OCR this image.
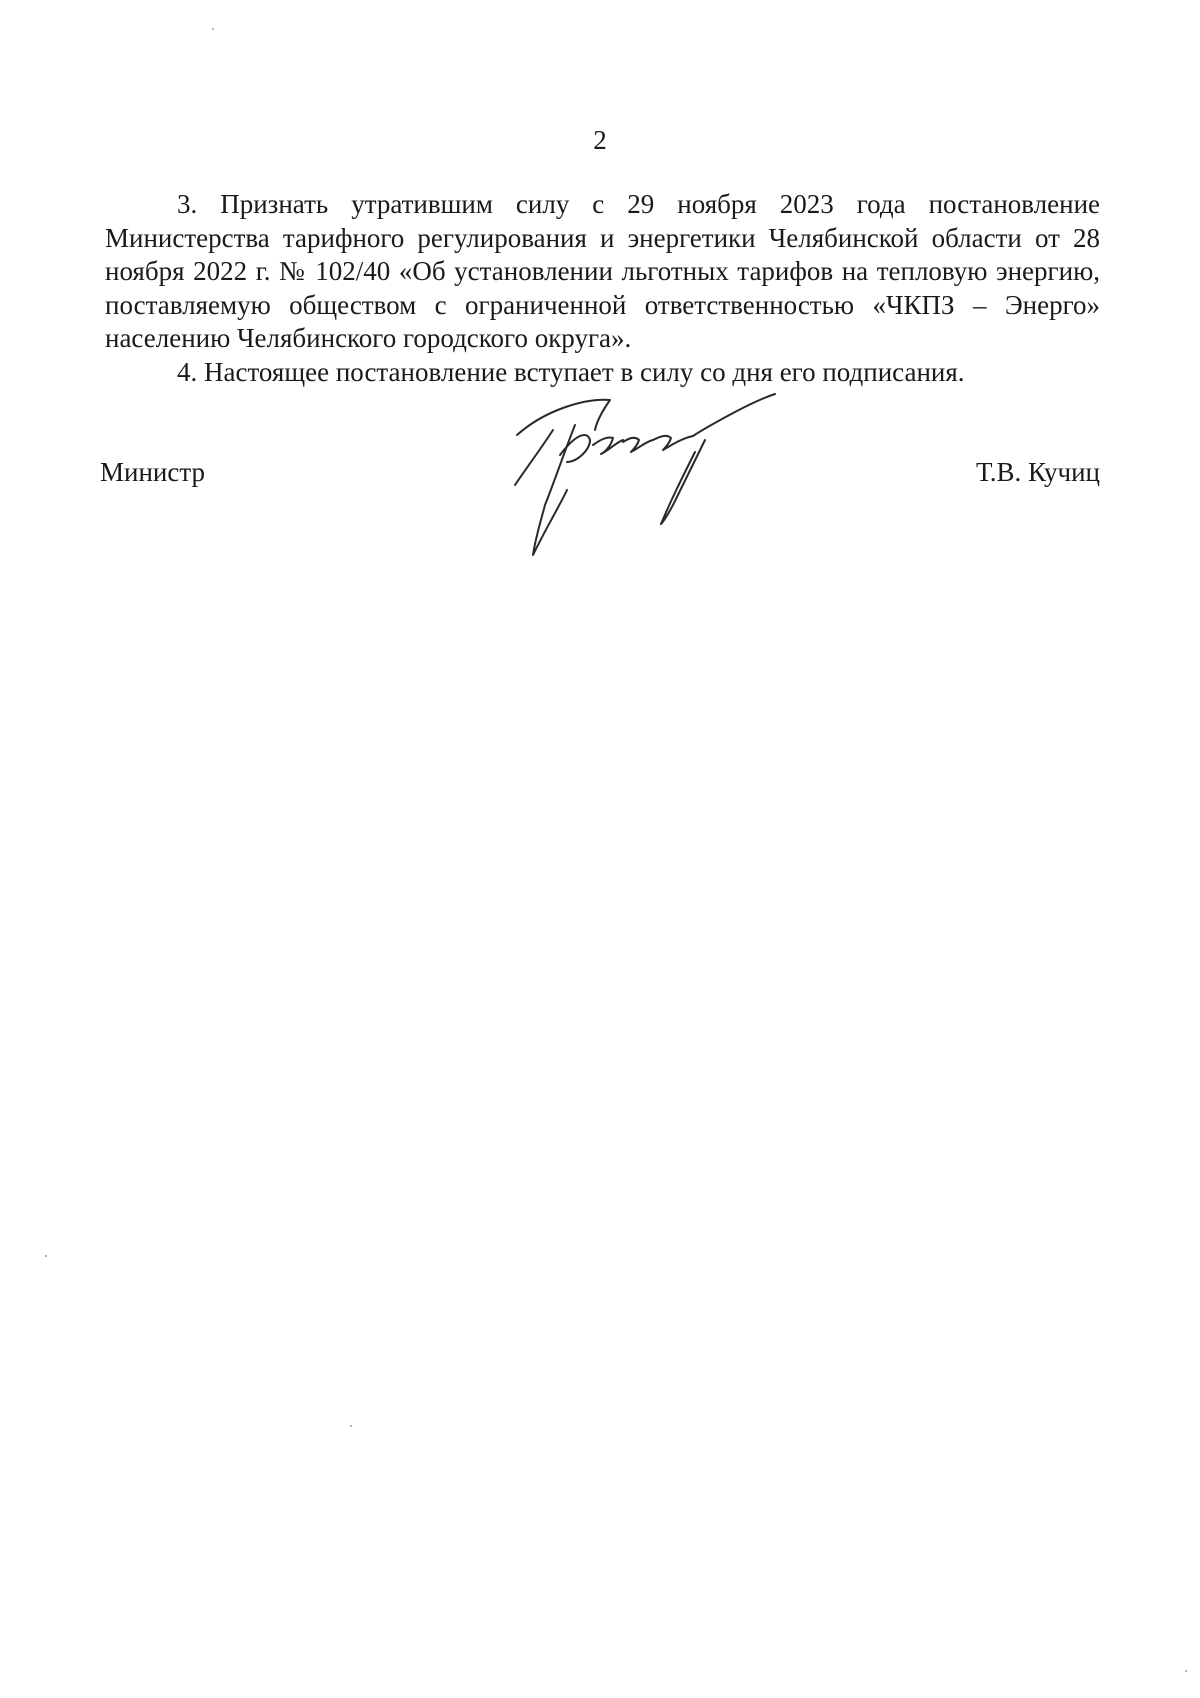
2

3. Признать утратившим силу с 29 ноября 2023 года постановление Министерства тарифного регулирования и энергетики Челябинской области от 28 ноября 2022 г. № 102/40 «Об установлении льготных тарифов на тепловую энергию, поставляемую обществом с ограниченной ответственностью «ЧКПЗ – Энерго» населению Челябинского городского округа».

4. Настоящее постановление вступает в силу со дня его подписания.

Министр	Т.В. Кучиц
